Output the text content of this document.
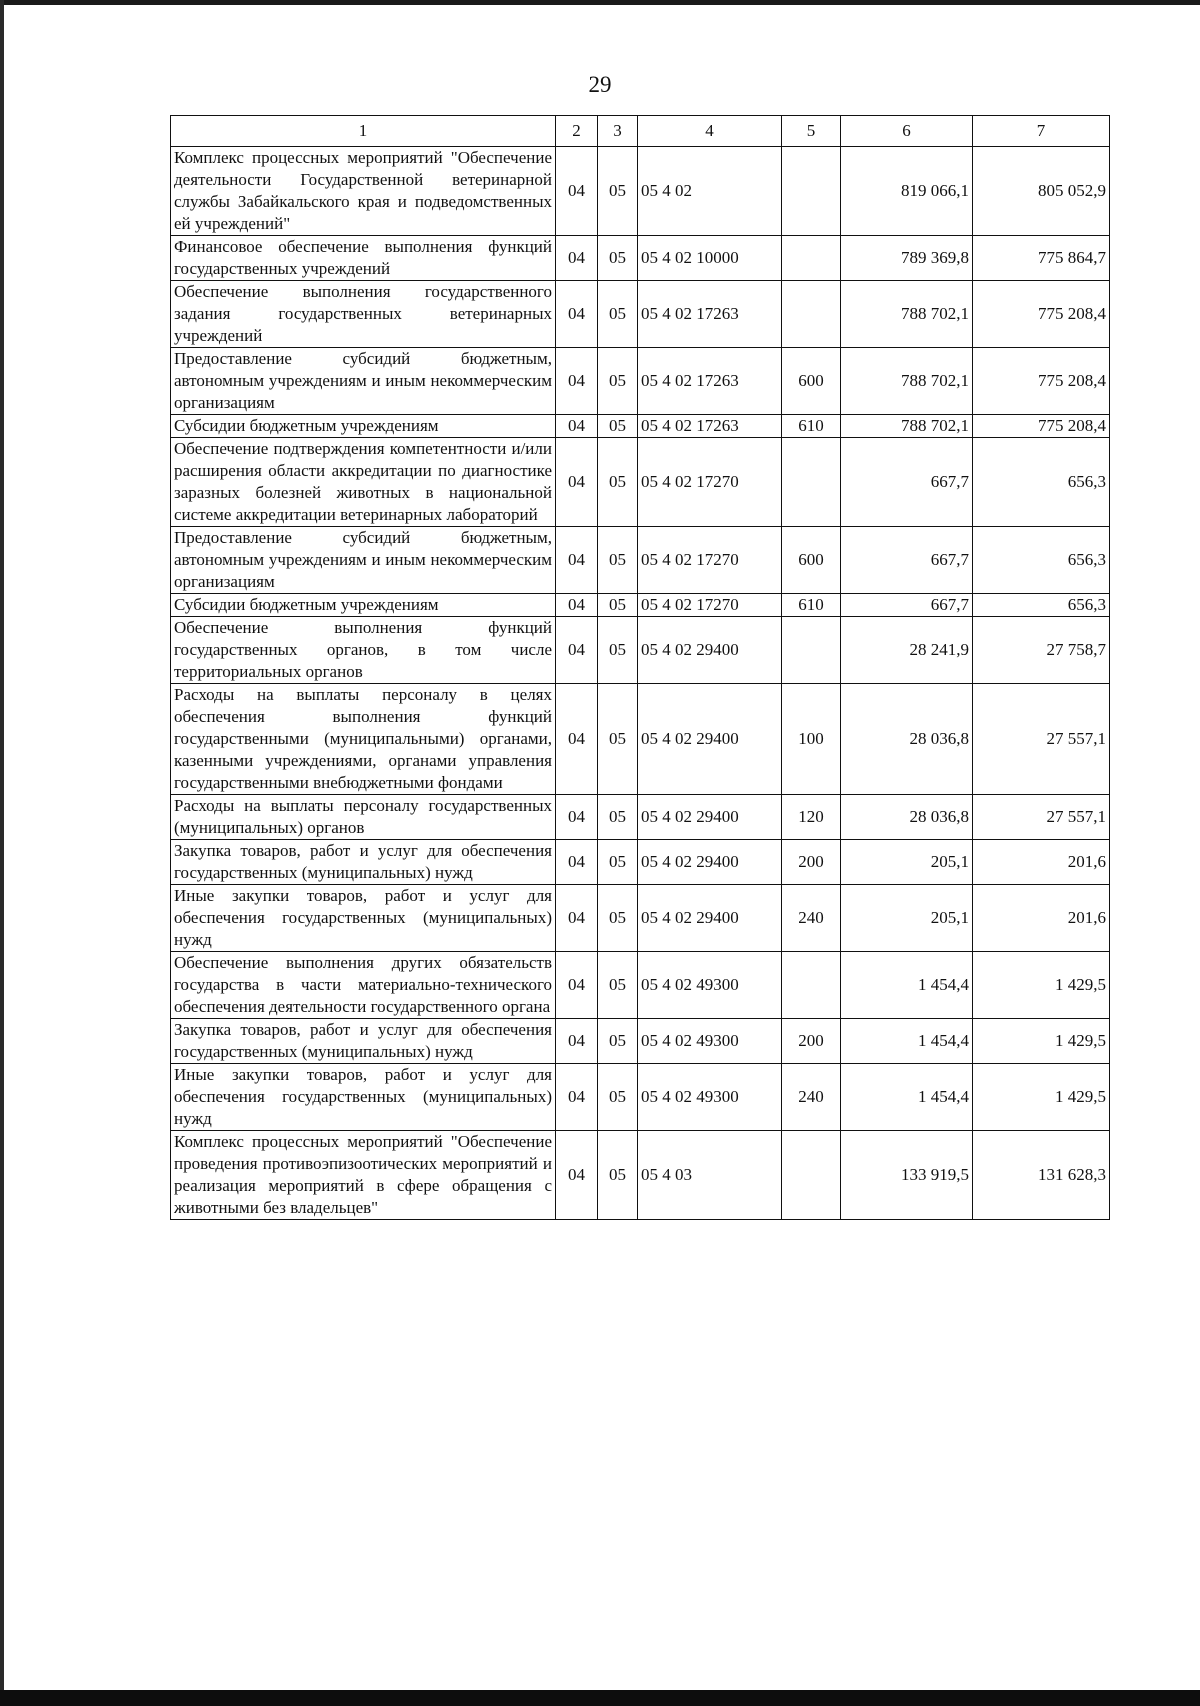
29
1	2	3	4	5	6	7
Комплекс процессных мероприятий "Обеспечение деятельности Государственной ветеринарной службы Забайкальского края и подведомственных ей учреждений"	04	05	05 4 02		819 066,1	805 052,9
Финансовое обеспечение выполнения функций государственных учреждений	04	05	05 4 02 10000		789 369,8	775 864,7
Обеспечение выполнения государственного задания государственных ветеринарных учреждений	04	05	05 4 02 17263		788 702,1	775 208,4
Предоставление субсидий бюджетным, автономным учреждениям и иным некоммерческим организациям	04	05	05 4 02 17263	600	788 702,1	775 208,4
Субсидии бюджетным учреждениям	04	05	05 4 02 17263	610	788 702,1	775 208,4
Обеспечение подтверждения компетентности и/или расширения области аккредитации по диагностике заразных болезней животных в национальной системе аккредитации ветеринарных лабораторий	04	05	05 4 02 17270		667,7	656,3
Предоставление субсидий бюджетным, автономным учреждениям и иным некоммерческим организациям	04	05	05 4 02 17270	600	667,7	656,3
Субсидии бюджетным учреждениям	04	05	05 4 02 17270	610	667,7	656,3
Обеспечение выполнения функций государственных органов, в том числе территориальных органов	04	05	05 4 02 29400		28 241,9	27 758,7
Расходы на выплаты персоналу в целях обеспечения выполнения функций государственными (муниципальными) органами, казенными учреждениями, органами управления государственными внебюджетными фондами	04	05	05 4 02 29400	100	28 036,8	27 557,1
Расходы на выплаты персоналу государственных (муниципальных) органов	04	05	05 4 02 29400	120	28 036,8	27 557,1
Закупка товаров, работ и услуг для обеспечения государственных (муниципальных) нужд	04	05	05 4 02 29400	200	205,1	201,6
Иные закупки товаров, работ и услуг для обеспечения государственных (муниципальных) нужд	04	05	05 4 02 29400	240	205,1	201,6
Обеспечение выполнения других обязательств государства в части материально-технического обеспечения деятельности государственного органа	04	05	05 4 02 49300		1 454,4	1 429,5
Закупка товаров, работ и услуг для обеспечения государственных (муниципальных) нужд	04	05	05 4 02 49300	200	1 454,4	1 429,5
Иные закупки товаров, работ и услуг для обеспечения государственных (муниципальных) нужд	04	05	05 4 02 49300	240	1 454,4	1 429,5
Комплекс процессных мероприятий "Обеспечение проведения противоэпизоотических мероприятий и реализация мероприятий в сфере обращения с животными без владельцев"	04	05	05 4 03		133 919,5	131 628,3
